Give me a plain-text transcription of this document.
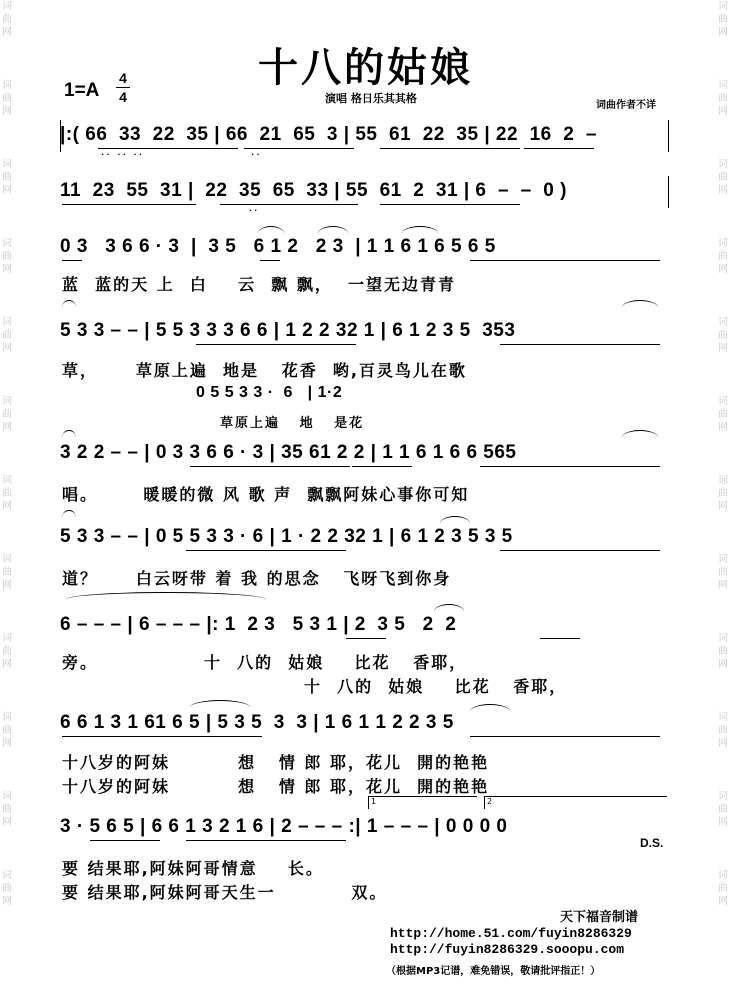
词曲网
词曲网
词曲网
词曲网
词曲网
词曲网
词曲网
词曲网
词曲网
词曲网
词曲网
词曲网
词曲网
词曲网
词曲网
词曲网
词曲网
词曲网
词曲网
词曲网
词曲网
词曲网
词曲网
词曲网
十八的姑娘
1=A
4
4	演唱 格日乐其其格
词曲作者不详
|:( 66  33  22  35 | 66  21  65  3 | 55  61  22  35 | 22  16  2  –
·· ·· ··	··
11  23  55  31 |  22  35  65  33 | 55  61  2  31 | 6  –  –  0 )
··
0 3   3 6 6 · 3  |  3 5   6 1 2   2 3  | 1 1 6 1 6 5 6 5
蓝  蓝的天 上  白    云  飘 飘，  一望无边青青
5 3 3 – – | 5 5 3 3 3 6 6 | 1 2 2 32 1 | 6 1 2 3 5  353
草，     草原上遍  地是   花香  哟,百灵鸟儿在歌
0 5 5 3 3 ·  6   | 1·2
草原上遍   地   是花
3 2 2 – – | 0 3 3 6 6 · 3 | 35 61 2 2 | 1 1 6 1 6 6 565
唱。      暖暖的微 风 歌 声  飘飘阿妹心事你可知
5 3 3 – – | 0 5 5 3 3 · 6 | 1 · 2 2 32 1 | 6 1 2 3 5 3 5
道？     白云呀带 着 我 的思念   飞呀飞到你身
6 – – – | 6 – – – |: 1  2 3   5 3 1 | 2  3 5   2  2
旁。              十  八的  姑娘    比花   香耶，
十  八的  姑娘    比花   香耶，
6 6 1 3 1 61 6 5 | 5 3 5  3  3 | 1 6 1 1 2 2 3 5
十八岁的阿妹         想   情 郎 耶，花儿  開的艳艳
十八岁的阿妹         想   情 郎 耶，花儿  開的艳艳
1	2
3 · 5 6 5 | 6 6 1 3 2 1 6 | 2 – – – :| 1 – – – | 0 0 0 0
D.S.
要 结果耶,阿妹阿哥情意    长。
要 结果耶,阿妹阿哥天生一          双。
天下福音制谱
http://home.51.com/fuyin8286329
http://fuyin8286329.sooopu.com
（根据MP3记谱，难免错误，敬请批评指正！）
